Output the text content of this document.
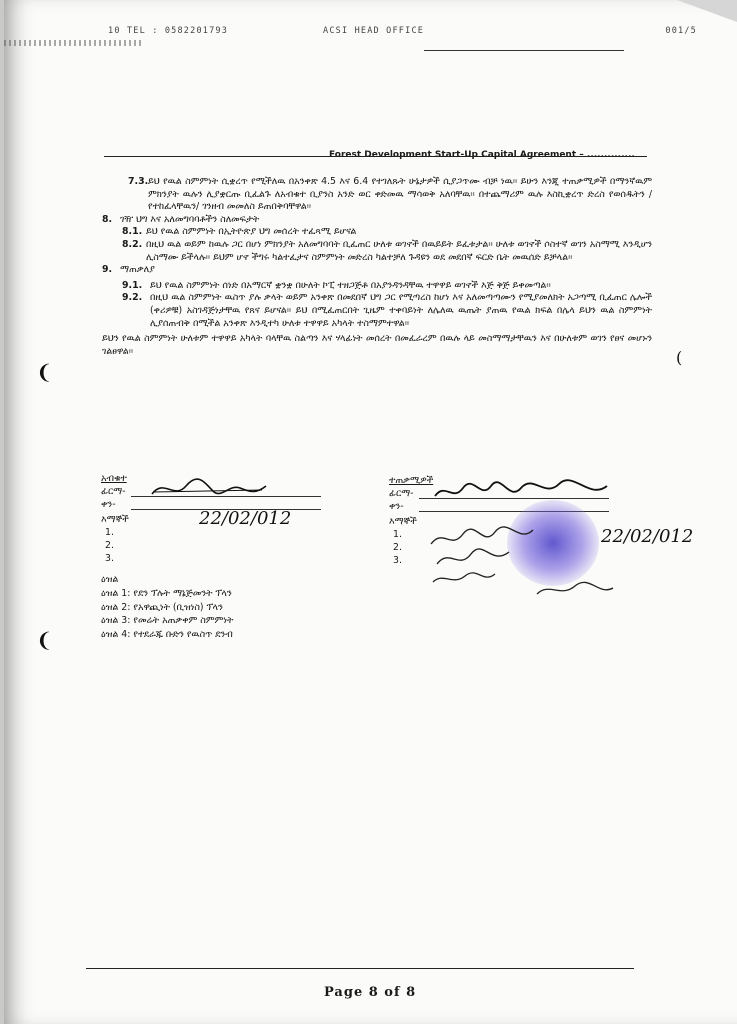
10 TEL : 0582201793	ACSI HEAD OFFICE	001/5
Forest Development Start-Up Capital Agreement – ..............
7.3. ይህ የዉል ስምምነት ሲቋረጥ የሚችለዉ በአንቀጽ 4.5 እና 6.4 የተገለጹት ሁኔታዎች ሲያጋጥሙ ብቻ ነዉ፡፡ ይሁን እንጂ ተጠቃሚዎች በማንኛዉም ምክንያት ዉሉን ሊያቋርጡ ቢፈልጉ ለአብቁተ ቢያንስ አንድ ወር ቀድመዉ ማሳወቅ አለባቸዉ፡፡ በተጨማሪም ዉሉ እስኪቋረጥ ድረስ የወሰዱትን /የተከፈላቸዉን/ ገንዘብ መመለስ ይጠበቅባቸዋል፡፡
8. ገዥ ህግ እና አለመግባባቶችን ስለመፍታት
8.1. ይህ የዉል ስምምነት በኢትዮጵያ ህግ መሰረት ተፈጻሚ ይሆናል
8.2. በዚህ ዉል ወይም ከዉሉ ጋር በሆነ ምክንያት አለመግባባት ቢፈጠር ሁለቱ ወገኖች በዉይይት ይፈቱታል፡፡ ሁለቱ ወገኖች ሶስተኛ ወገን አስማሚ እንዲሆን ሊስማሙ ይችላሉ፡፡ ይህም ሆኖ ችግሩ ካልተፈታና ስምምነት መድረስ ካልተቻለ ጉዳዩን ወደ መደበኛ ፍርድ ቤት መዉሰድ ይቻላል፡፡
9. ማጠቃለያ
9.1. ይህ የዉል ስምምነት ሰነድ በአማርኛ ቋንቋ በሁለት ኮፒ ተዘጋጅቶ በአያንዳንዳቸዉ ተዋዋይ ወገኖች እጅ ቅጅ ይቀመጣል፡፡
9.2. በዚህ ዉል ስምምነት ዉስጥ ያሉ ቃላት ወይም አንቀጽ በመደበኛ ህግ ጋር የሚጣረስ ከሆነ እና አለመጣጣሙን የሚያመለክት አጋጣሚ ቢፈጠር ሌሎች (ቀሪዎቹ) አስገዳጅነታቸዉ የጸና ይሆናል፡፡ ይህ በሚፈጠርበት ጊዜም ተቀባይነት ለሌለዉ ዉጤት ያጠዉ የዉል ክፍል በሌላ ይህን ዉል ስምምነት ሊያሰጠብቅ በሚችል አንቀጽ እንዲተካ ሁለቱ ተዋዋይ አካላት ተስማምተዋል፡፡
ይህን የዉል ስምምነት ሁለቱም ተዋዋይ አካላት ባላቸዉ ስልጣን እና ሃላፊነት መሰረት በመፈራረም በዉሉ ላይ መስማማታቸዉን እና በሁለቱም ወገን የፀና መሆኑን ገልፀዋል፡፡
አብቁተ
ፊርማ-
ቀን-
እማኞች
1.
2.
3.
22/02/012
ተጠቃሚዎች
ፊርማ-
ቀን-
እማኞች
1.
2.
3.
22/02/012
ዕዝል
ዕዝል 1: የደን ፕሉት ማኔጅመንት ፕላን
ዕዝል 2: የአዋጪነት (ቢዝነስ) ፕላን
ዕዝል 3: የመሬት አጠቃቀም ስምምነት
ዕዝል 4: የተደራጁ ቡድን የዉስጥ ደንብ
❨
❨
(
Page 8 of 8
